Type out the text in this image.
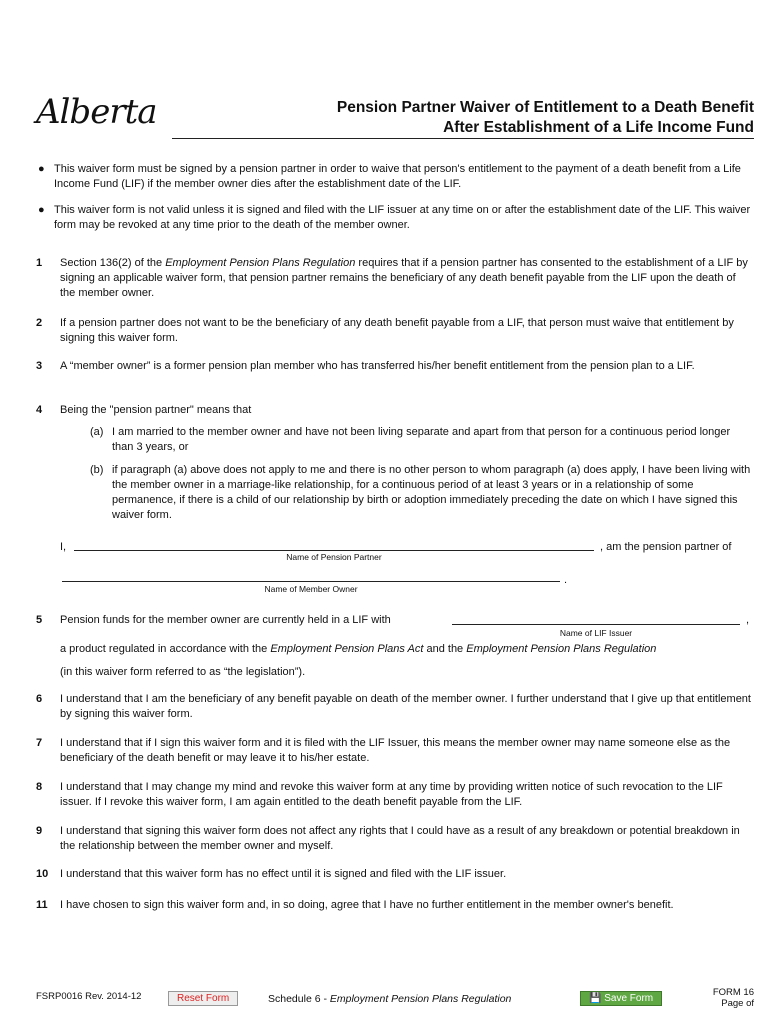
Alberta	Pension Partner Waiver of Entitlement to a Death Benefit
After Establishment of a Life Income Fund
● This waiver form must be signed by a pension partner in order to waive that person's entitlement to the payment of a death benefit from a Life Income Fund (LIF) if the member owner dies after the establishment date of the LIF.
● This waiver form is not valid unless it is signed and filed with the LIF issuer at any time on or after the establishment date of the LIF. This waiver form may be revoked at any time prior to the death of the member owner.
1 Section 136(2) of the Employment Pension Plans Regulation requires that if a pension partner has consented to the establishment of a LIF by signing an applicable waiver form, that pension partner remains the beneficiary of any death benefit payable from the LIF upon the death of the member owner.
2 If a pension partner does not want to be the beneficiary of any death benefit payable from a LIF, that person must waive that entitlement by signing this waiver form.
3 A “member owner” is a former pension plan member who has transferred his/her benefit entitlement from the pension plan to a LIF.
4 Being the "pension partner" means that
(a) I am married to the member owner and have not been living separate and apart from that person for a continuous period longer than 3 years, or
(b) if paragraph (a) above does not apply to me and there is no other person to whom paragraph (a) does apply, I have been living with the member owner in a marriage-like relationship, for a continuous period of at least 3 years or in a relationship of some permanence, if there is a child of our relationship by birth or adoption immediately preceding the date on which I have signed this waiver form.
I,
Name of Pension Partner
, am the pension partner of
.
Name of Member Owner
5 Pension funds for the member owner are currently held in a LIF with	,
Name of LIF Issuer
a product regulated in accordance with the Employment Pension Plans Act and the Employment Pension Plans Regulation
(in this waiver form referred to as “the legislation”).
6 I understand that I am the beneficiary of any benefit payable on death of the member owner. I further understand that I give up that entitlement by signing this waiver form.
7 I understand that if I sign this waiver form and it is filed with the LIF Issuer, this means the member owner may name someone else as the beneficiary of the death benefit or may leave it to his/her estate.
8 I understand that I may change my mind and revoke this waiver form at any time by providing written notice of such revocation to the LIF issuer. If I revoke this waiver form, I am again entitled to the death benefit payable from the LIF.
9 I understand that signing this waiver form does not affect any rights that I could have as a result of any breakdown or potential breakdown in the relationship between the member owner and myself.
10 I understand that this waiver form has no effect until it is signed and filed with the LIF issuer.
11 I have chosen to sign this waiver form and, in so doing, agree that I have no further entitlement in the member owner's benefit.
FSRP0016 Rev. 2014-12	Reset Form	Schedule 6 - Employment Pension Plans Regulation	💾 Save Form
FORM 16
Page of
